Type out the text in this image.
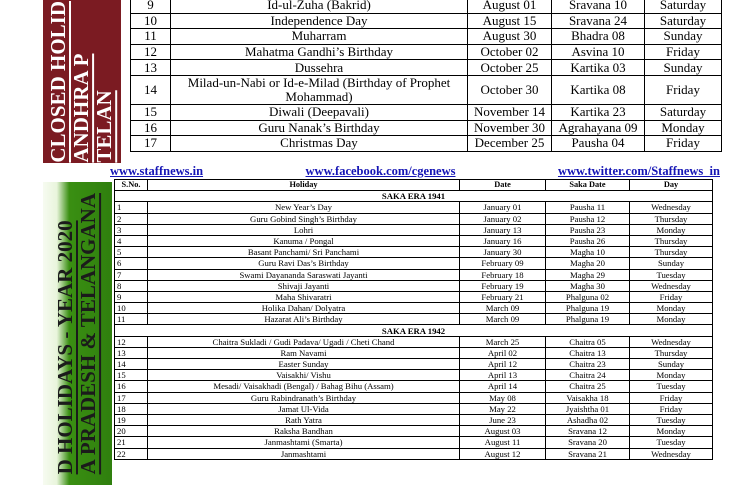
CLOSED HOLID ANDHRA P TELAN
9	Id-ul-Zuha (Bakrid)	August 01	Sravana 10	Saturday
10	Independence Day	August 15	Sravana 24	Saturday
11	Muharram	August 30	Bhadra 08	Sunday
12	Mahatma Gandhi’s Birthday	October 02	Asvina 10	Friday
13	Dussehra	October 25	Kartika 03	Sunday
14	Milad-un-Nabi or Id-e-Milad (Birthday of Prophet Mohammad)	October 30	Kartika 08	Friday
15	Diwali (Deepavali)	November 14	Kartika 23	Saturday
16	Guru Nanak’s Birthday	November 30	Agrahayana 09	Monday
17	Christmas Day	December 25	Pausha 04	Friday
www.staffnews.in	www.facebook.com/cgenews	www.twitter.com/Staffnews_in
D HOLIDAYS - YEAR 2020 A PRADESH & TELANGANA
S.No.	Holiday	Date	Saka Date	Day
SAKA ERA 1941				
1	New Year’s Day	January 01	Pausha 11	Wednesday
2	Guru Gobind Singh’s Birthday	January 02	Pausha 12	Thursday
3	Lohri	January 13	Pausha 23	Monday
4	Kanuma / Pongal	January 16	Pausha 26	Thursday
5	Basant Panchami/ Sri Panchami	January 30	Magha 10	Thursday
6	Guru Ravi Das’s Birthday	February 09	Magha 20	Sunday
7	Swami Dayananda Saraswati Jayanti	February 18	Magha 29	Tuesday
8	Shivaji Jayanti	February 19	Magha 30	Wednesday
9	Maha Shivaratri	February 21	Phalguna 02	Friday
10	Holika Dahan/ Dolyatra	March 09	Phalguna 19	Monday
11	Hazarat Ali’s Birthday	March 09	Phalguna 19	Monday
SAKA ERA 1942				
12	Chaitra Sukladi / Gudi Padava/ Ugadi / Cheti Chand	March 25	Chaitra 05	Wednesday
13	Ram Navami	April 02	Chaitra 13	Thursday
14	Easter Sunday	April 12	Chaitra 23	Sunday
15	Vaisakhi/ Vishu	April 13	Chaitra 24	Monday
16	Mesadi/ Vaisakhadi (Bengal) / Bahag Bihu (Assam)	April 14	Chaitra 25	Tuesday
17	Guru Rabindranath’s Birthday	May 08	Vaisakha 18	Friday
18	Jamat Ul-Vida	May 22	Jyaishtha 01	Friday
19	Rath Yatra	June 23	Ashadha 02	Tuesday
20	Raksha Bandhan	August 03	Sravana 12	Monday
21	Janmashtami (Smarta)	August 11	Sravana 20	Tuesday
22	Janmashtami	August 12	Sravana 21	Wednesday
